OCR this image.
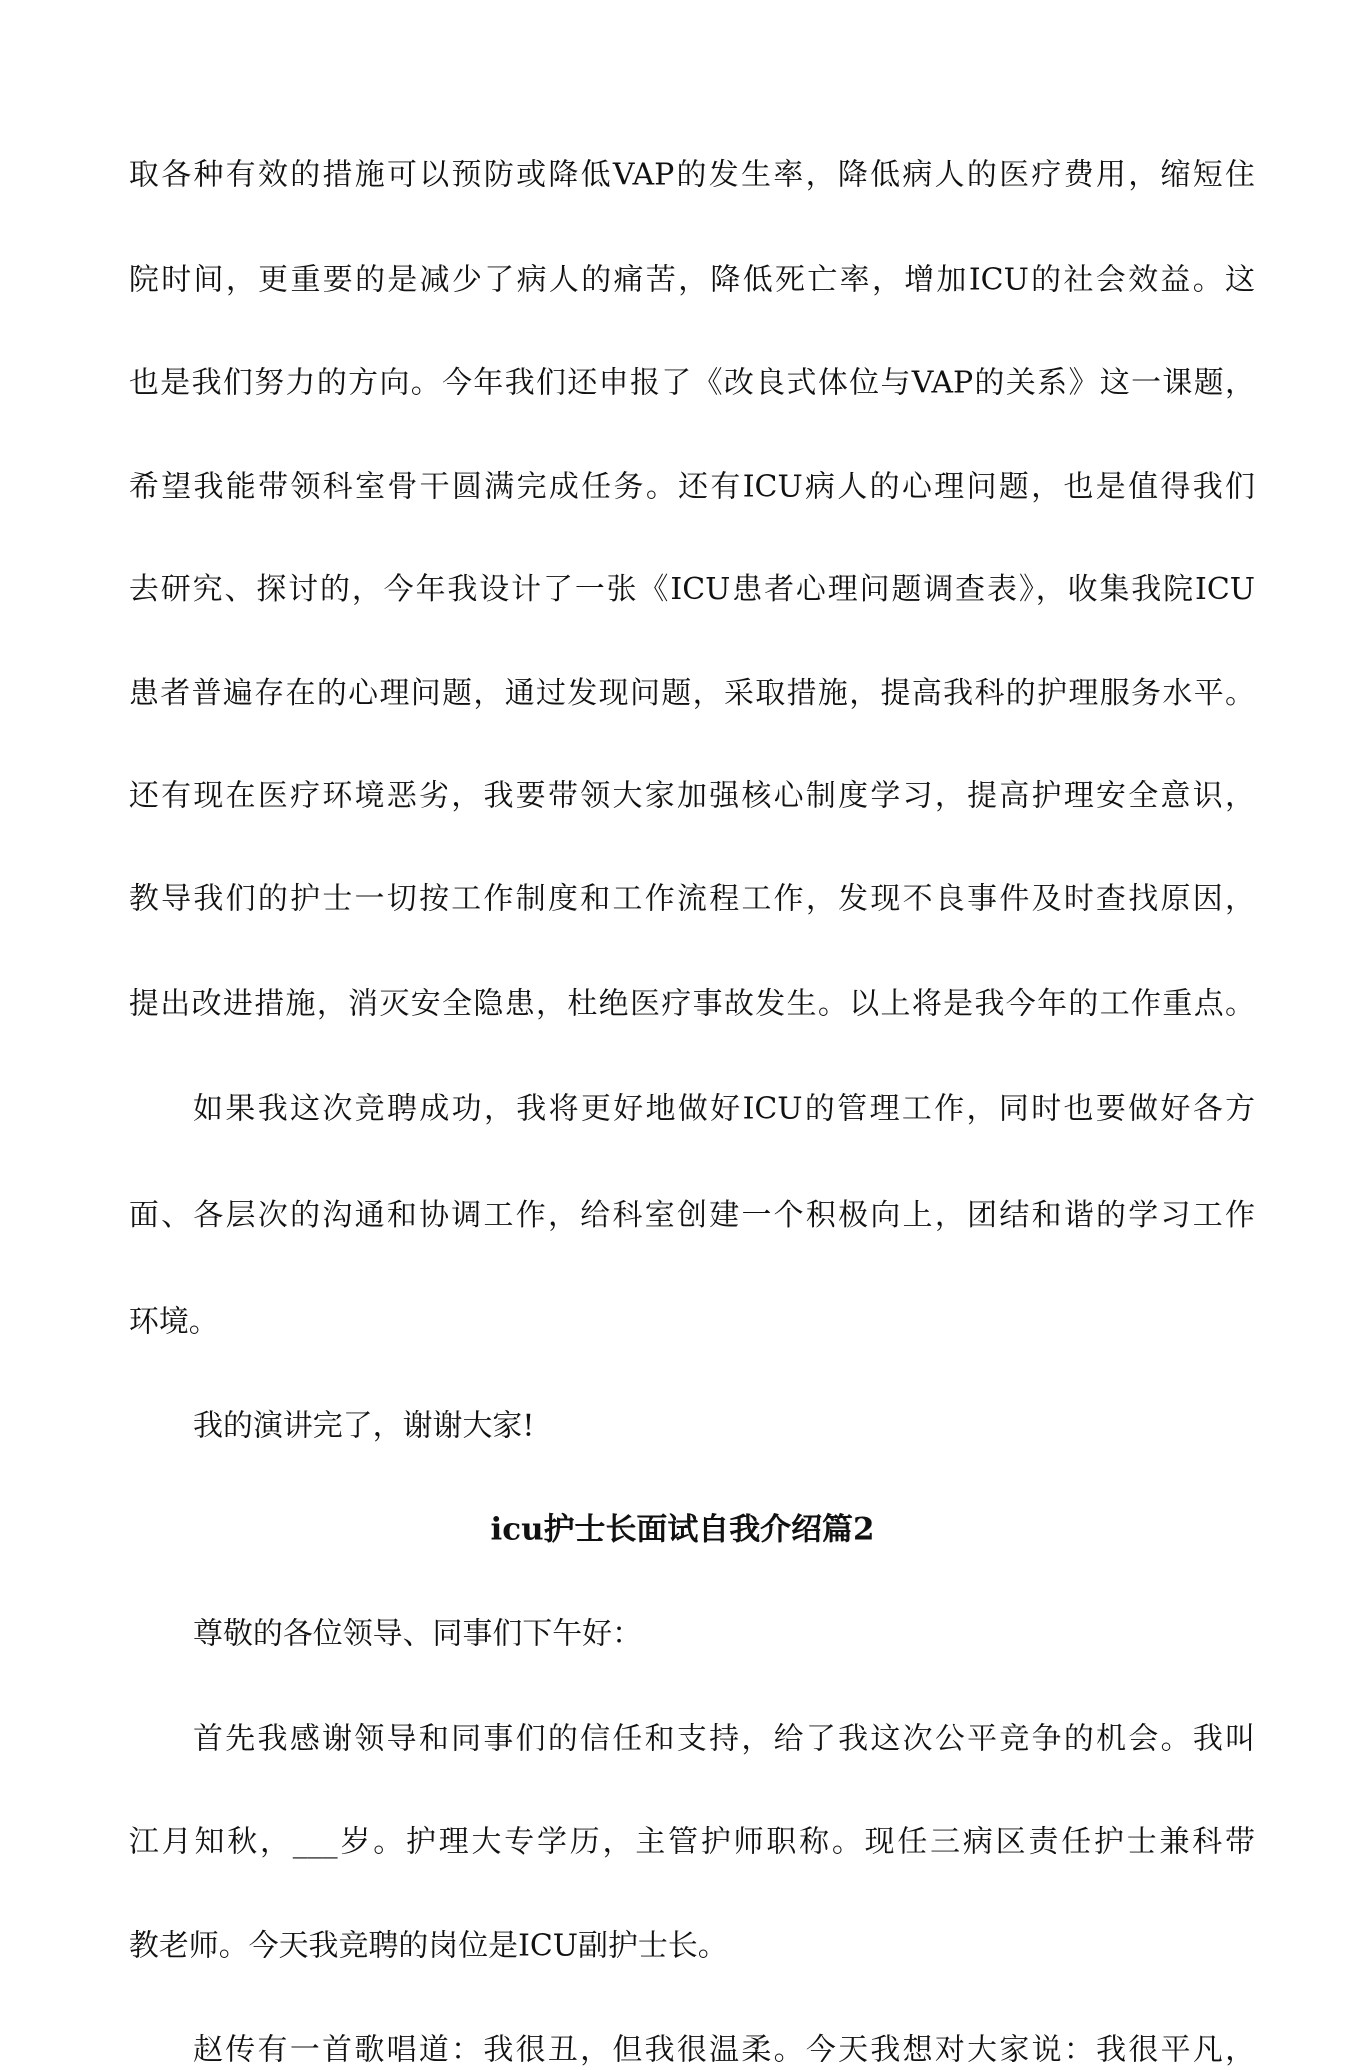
取各种有效的措施可以预防或降低VAP的发生率，降低病人的医疗费用，缩短住

院时间，更重要的是减少了病人的痛苦，降低死亡率，增加ICU的社会效益。这

也是我们努力的方向。今年我们还申报了《改良式体位与VAP的关系》这一课题，

希望我能带领科室骨干圆满完成任务。还有ICU病人的心理问题，也是值得我们

去研究、探讨的，今年我设计了一张《ICU患者心理问题调查表》，收集我院ICU

患者普遍存在的心理问题，通过发现问题，采取措施，提高我科的护理服务水平。

还有现在医疗环境恶劣，我要带领大家加强核心制度学习，提高护理安全意识，

教导我们的护士一切按工作制度和工作流程工作，发现不良事件及时查找原因，

提出改进措施，消灭安全隐患，杜绝医疗事故发生。以上将是我今年的工作重点。

如果我这次竞聘成功，我将更好地做好ICU的管理工作，同时也要做好各方

面、各层次的沟通和协调工作，给科室创建一个积极向上，团结和谐的学习工作

环境。

我的演讲完了，谢谢大家!

icu护士长面试自我介绍篇2

尊敬的各位领导、同事们下午好：

首先我感谢领导和同事们的信任和支持，给了我这次公平竞争的机会。我叫

江月知秋，___岁。护理大专学历，主管护师职称。现任三病区责任护士兼科带

教老师。今天我竞聘的岗位是ICU副护士长。

赵传有一首歌唱道：我很丑，但我很温柔。今天我想对大家说：我很平凡，
